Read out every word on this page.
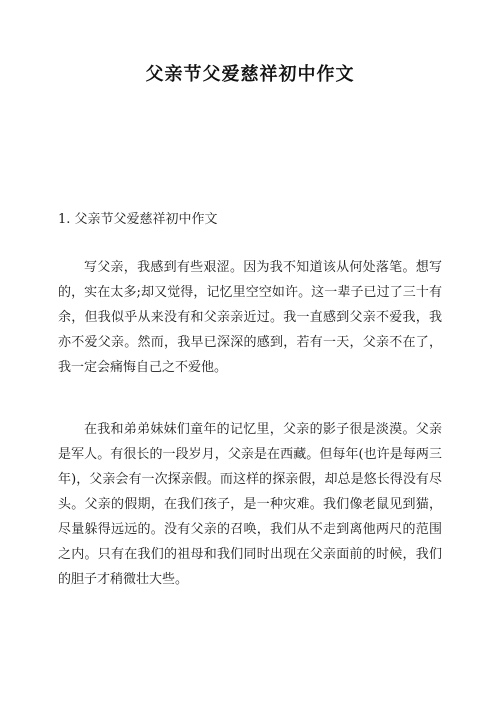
父亲节父爱慈祥初中作文
1. 父亲节父爱慈祥初中作文

写父亲，我感到有些艰涩。因为我不知道该从何处落笔。想写的，实在太多;却又觉得，记忆里空空如许。这一辈子已过了三十有余，但我似乎从来没有和父亲亲近过。我一直感到父亲不爱我，我亦不爱父亲。然而，我早已深深的感到，若有一天，父亲不在了，我一定会痛悔自己之不爱他。

在我和弟弟妹妹们童年的记忆里，父亲的影子很是淡漠。父亲是军人。有很长的一段岁月，父亲是在西藏。但每年(也许是每两三年)，父亲会有一次探亲假。而这样的探亲假，却总是悠长得没有尽头。父亲的假期，在我们孩子，是一种灾难。我们像老鼠见到猫，尽量躲得远远的。没有父亲的召唤，我们从不走到离他两尺的范围之内。只有在我们的祖母和我们同时出现在父亲面前的时候，我们的胆子才稍微壮大些。
